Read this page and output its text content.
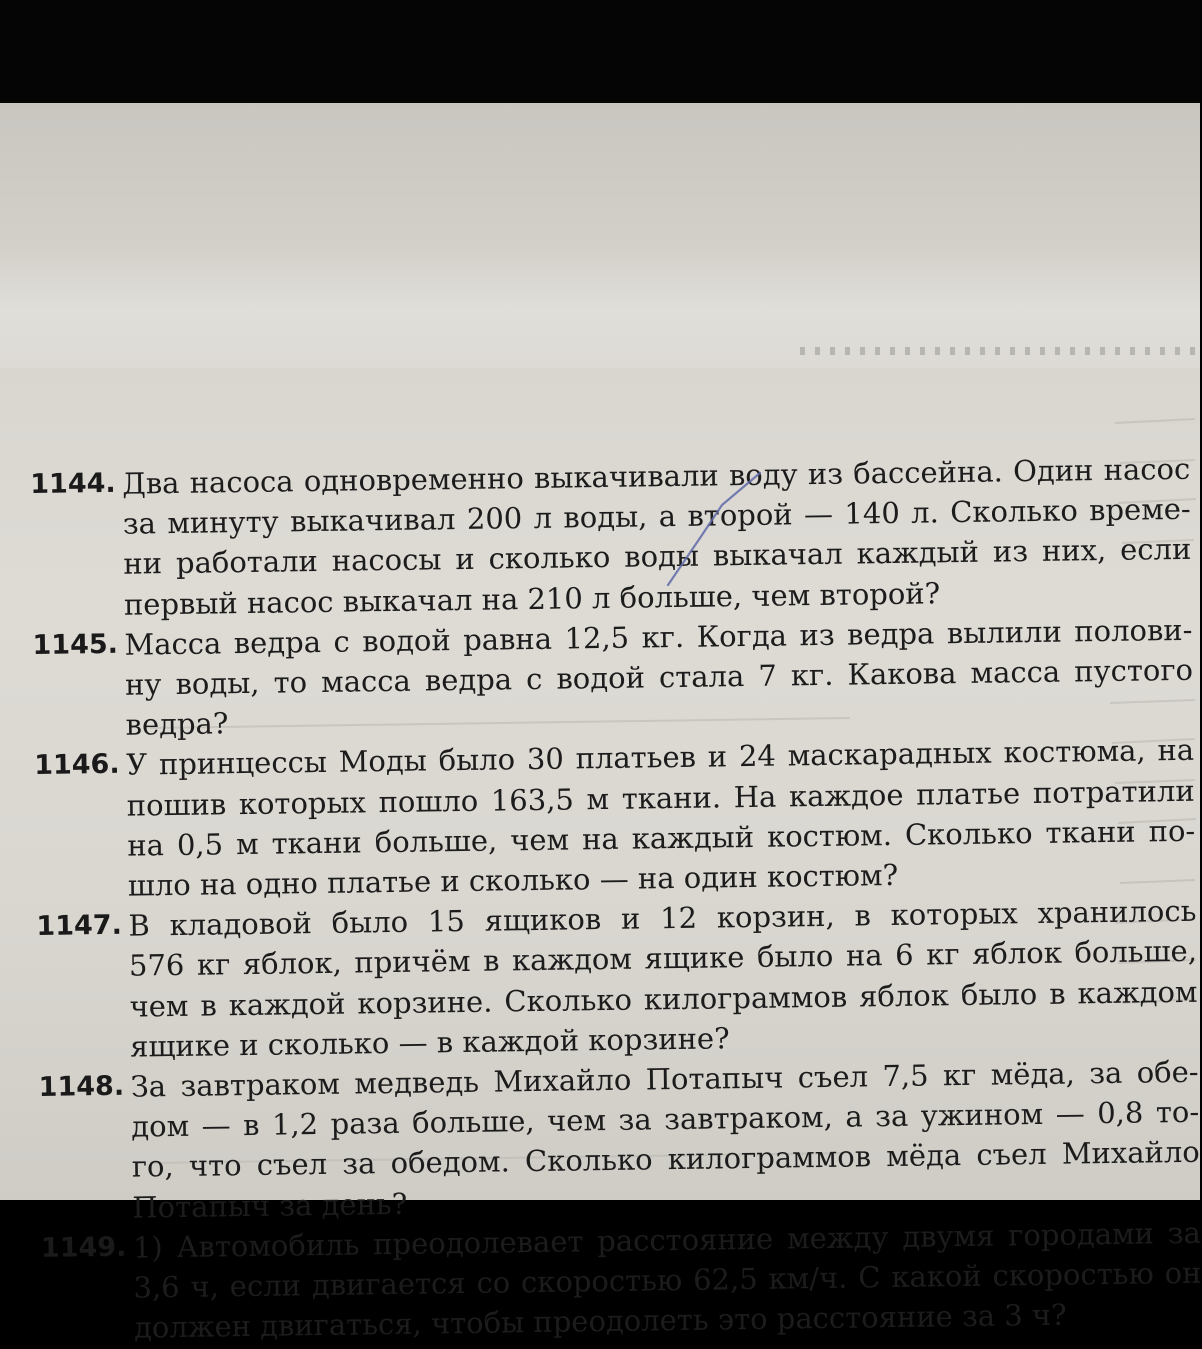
1144. Два насоса одновременно выкачивали воду из бассейна. Один насос
за минуту выкачивал 200 л воды, а второй — 140 л. Сколько време-
ни работали насосы и сколько воды выкачал каждый из них, если
первый насос выкачал на 210 л больше, чем второй?
1145. Масса ведра с водой равна 12,5 кг. Когда из ведра вылили полови-
ну воды, то масса ведра с водой стала 7 кг. Какова масса пустого
ведра?
1146. У принцессы Моды было 30 платьев и 24 маскарадных костюма, на
пошив которых пошло 163,5 м ткани. На каждое платье потратили
на 0,5 м ткани больше, чем на каждый костюм. Сколько ткани по-
шло на одно платье и сколько — на один костюм?
1147. В кладовой было 15 ящиков и 12 корзин, в которых хранилось
576 кг яблок, причём в каждом ящике было на 6 кг яблок больше,
чем в каждой корзине. Сколько килограммов яблок было в каждом
ящике и сколько — в каждой корзине?
1148. За завтраком медведь Михайло Потапыч съел 7,5 кг мёда, за обе-
дом — в 1,2 раза больше, чем за завтраком, а за ужином — 0,8 то-
го, что съел за обедом. Сколько килограммов мёда съел Михайло
Потапыч за день?
1149. 1) Автомобиль преодолевает расстояние между двумя городами за
3,6 ч, если двигается со скоростью 62,5 км/ч. С какой скоростью он
должен двигаться, чтобы преодолеть это расстояние за 3 ч?
